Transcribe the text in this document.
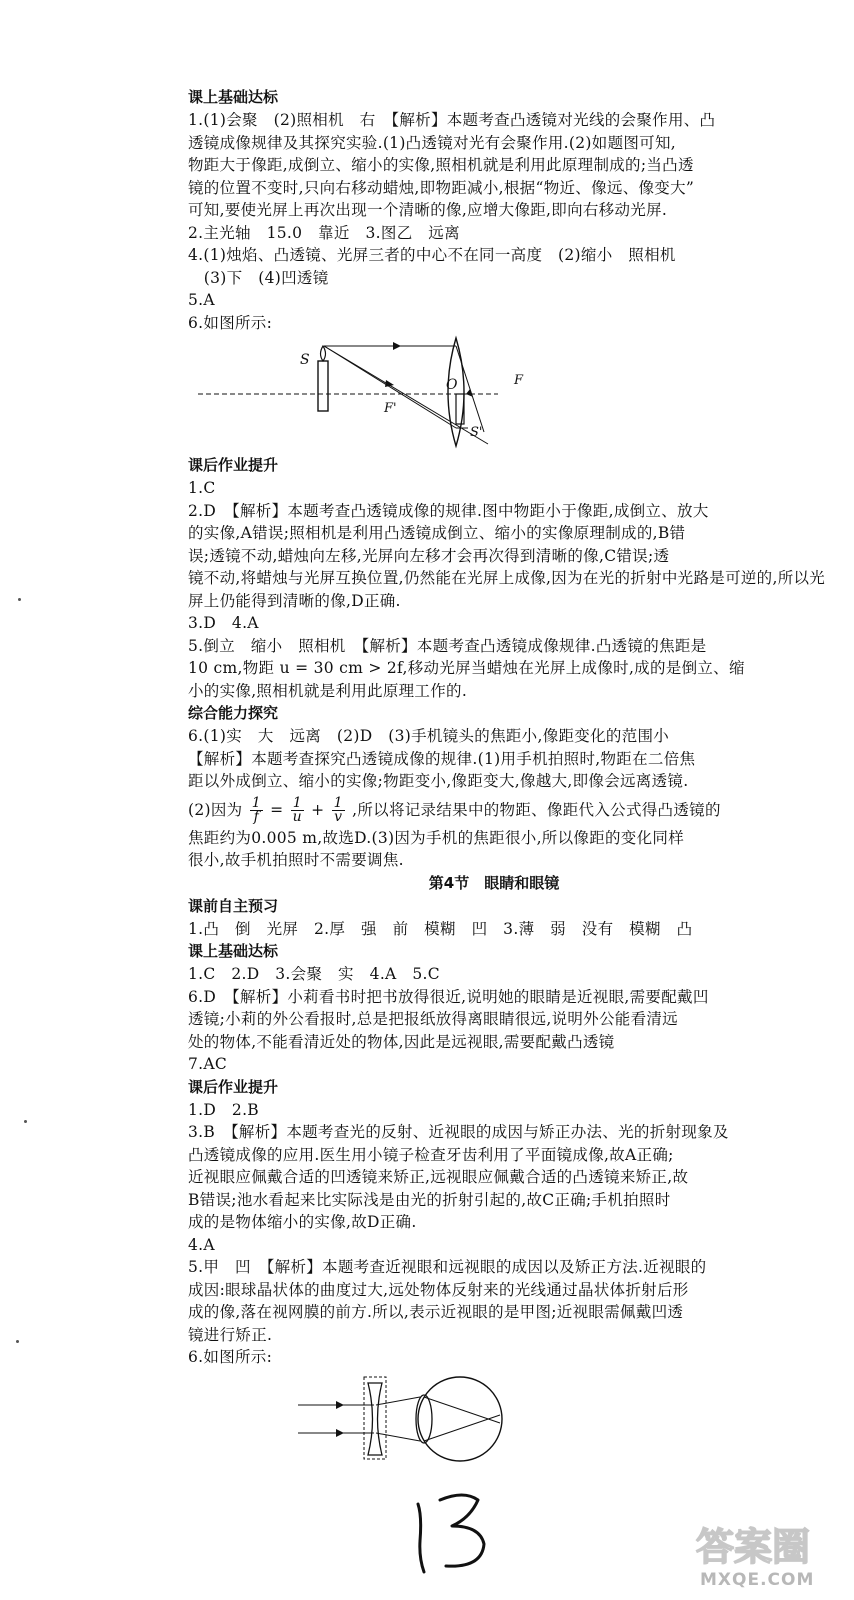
课上基础达标
1.(1)会聚　(2)照相机　右　【解析】本题考查凸透镜对光线的会聚作用、凸
透镜成像规律及其探究实验.(1)凸透镜对光有会聚作用.(2)如题图可知,
物距大于像距,成倒立、缩小的实像,照相机就是利用此原理制成的;当凸透
镜的位置不变时,只向右移动蜡烛,即物距减小,根据“物近、像远、像变大”
可知,要使光屏上再次出现一个清晰的像,应增大像距,即向右移动光屏.
2.主光轴　15.0　靠近　3.图乙　远离
4.(1)烛焰、凸透镜、光屏三者的中心不在同一高度　(2)缩小　照相机
　(3)下　(4)凹透镜
5.A
6.如图所示:
S
F'
O	F
S'
课后作业提升
1.C
2.D　【解析】本题考查凸透镜成像的规律.图中物距小于像距,成倒立、放大
的实像,A错误;照相机是利用凸透镜成倒立、缩小的实像原理制成的,B错
误;透镜不动,蜡烛向左移,光屏向左移才会再次得到清晰的像,C错误;透
镜不动,将蜡烛与光屏互换位置,仍然能在光屏上成像,因为在光的折射中光路是可逆的,所以光
屏上仍能得到清晰的像,D正确.
3.D　4.A
5.倒立　缩小　照相机　【解析】本题考查凸透镜成像规律.凸透镜的焦距是
10 cm,物距 u = 30 cm > 2f,移动光屏当蜡烛在光屏上成像时,成的是倒立、缩
小的实像,照相机就是利用此原理工作的.
综合能力探究
6.(1)实　大　远离　(2)D　(3)手机镜头的焦距小,像距变化的范围小
【解析】本题考查探究凸透镜成像的规律.(1)用手机拍照时,物距在二倍焦
距以外成倒立、缩小的实像;物距变小,像距变大,像越大,即像会远离透镜.
(2)因为 $\frac{1}{f} = \frac{1}{u} + \frac{1}{v}$ ,所以将记录结果中的物距、像距代入公式得凸透镜的
焦距约为0.005 m,故选D.(3)因为手机的焦距很小,所以像距的变化同样
很小,故手机拍照时不需要调焦.
第4节　眼睛和眼镜
课前自主预习
1.凸　倒　光屏　2.厚　强　前　模糊　凹　3.薄　弱　没有　模糊　凸
课上基础达标
1.C　2.D　3.会聚　实　4.A　5.C
6.D　【解析】小莉看书时把书放得很近,说明她的眼睛是近视眼,需要配戴凹
透镜;小莉的外公看报时,总是把报纸放得离眼睛很远,说明外公能看清远
处的物体,不能看清近处的物体,因此是远视眼,需要配戴凸透镜
7.AC
课后作业提升
1.D　2.B
3.B　【解析】本题考查光的反射、近视眼的成因与矫正办法、光的折射现象及
凸透镜成像的应用.医生用小镜子检查牙齿利用了平面镜成像,故A正确;
近视眼应佩戴合适的凹透镜来矫正,远视眼应佩戴合适的凸透镜来矫正,故
B错误;池水看起来比实际浅是由光的折射引起的,故C正确;手机拍照时
成的是物体缩小的实像,故D正确.
4.A
5.甲　凹　【解析】本题考查近视眼和远视眼的成因以及矫正方法.近视眼的
成因:眼球晶状体的曲度过大,远处物体反射来的光线通过晶状体折射后形
成的像,落在视网膜的前方.所以,表示近视眼的是甲图;近视眼需佩戴凹透
镜进行矫正.
6.如图所示:
答案圈
MXQE.COM
